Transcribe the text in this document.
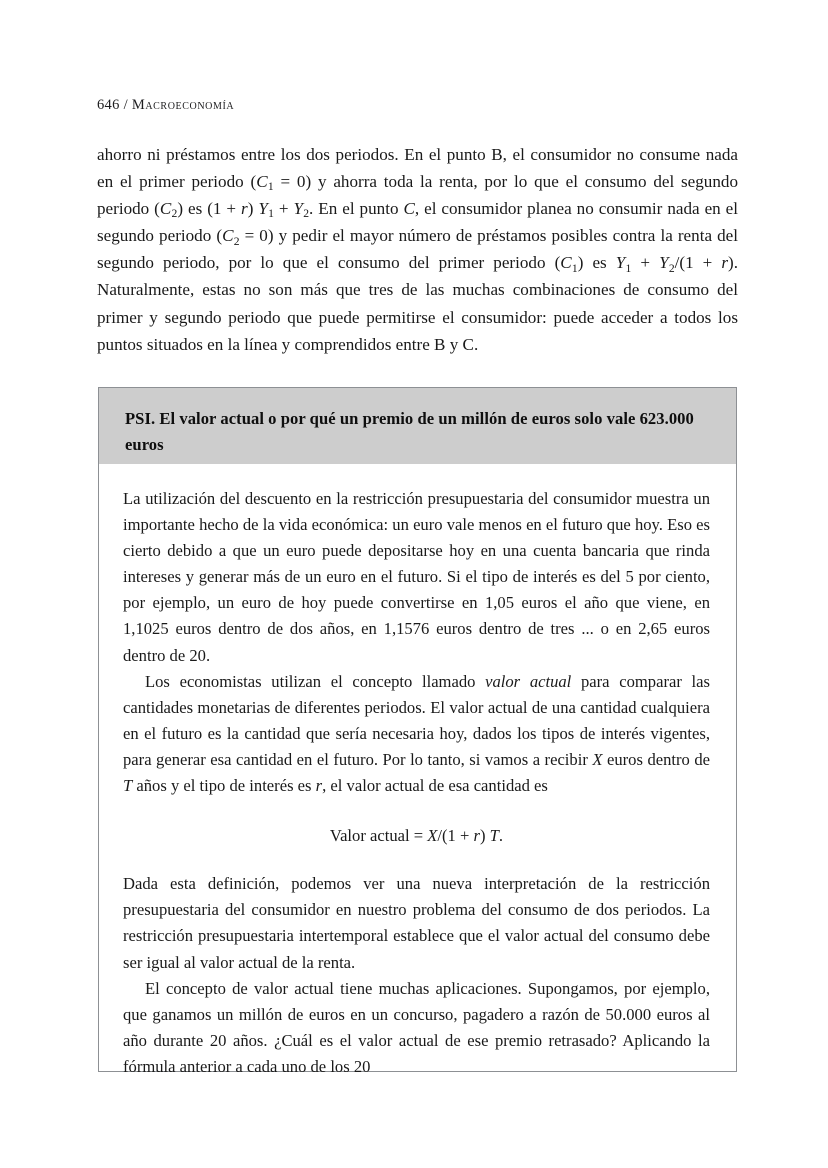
646 / Macroeconomía

ahorro ni préstamos entre los dos periodos. En el punto B, el consumidor no consume nada en el primer periodo $(C_1 = 0)$ y ahorra toda la renta, por lo que el consumo del segundo periodo $(C_2)$ es (1 + r) $Y_1 + Y_2$. En el punto C, el consumidor planea no consumir nada en el segundo periodo $(C_2 = 0)$ y pedir el mayor número de préstamos posibles contra la renta del segundo periodo, por lo que el consumo del primer periodo $(C_1)$ es $Y_1 + Y_2/(1 + r)$. Naturalmente, estas no son más que tres de las muchas combinaciones de consumo del primer y segundo periodo que puede permitirse el consumidor: puede acceder a todos los puntos situados en la línea y comprendidos entre B y C.

PSI. El valor actual o por qué un premio de un millón de euros solo vale 623.000 euros

La utilización del descuento en la restricción presupuestaria del consumidor muestra un importante hecho de la vida económica: un euro vale menos en el futuro que hoy. Eso es cierto debido a que un euro puede depositarse hoy en una cuenta bancaria que rinda intereses y generar más de un euro en el futuro. Si el tipo de interés es del 5 por ciento, por ejemplo, un euro de hoy puede convertirse en 1,05 euros el año que viene, en 1,1025 euros dentro de dos años, en 1,1576 euros dentro de tres ... o en 2,65 euros dentro de 20.

Los economistas utilizan el concepto llamado valor actual para comparar las cantidades monetarias de diferentes periodos. El valor actual de una cantidad cualquiera en el futuro es la cantidad que sería necesaria hoy, dados los tipos de interés vigentes, para generar esa cantidad en el futuro. Por lo tanto, si vamos a recibir X euros dentro de T años y el tipo de interés es r, el valor actual de esa cantidad es

Valor actual = X/(1 + r) T.

Dada esta definición, podemos ver una nueva interpretación de la restricción presupuestaria del consumidor en nuestro problema del consumo de dos periodos. La restricción presupuestaria intertemporal establece que el valor actual del consumo debe ser igual al valor actual de la renta.

El concepto de valor actual tiene muchas aplicaciones. Supongamos, por ejemplo, que ganamos un millón de euros en un concurso, pagadero a razón de 50.000 euros al año durante 20 años. ¿Cuál es el valor actual de ese premio retrasado? Aplicando la fórmula anterior a cada uno de los 20
